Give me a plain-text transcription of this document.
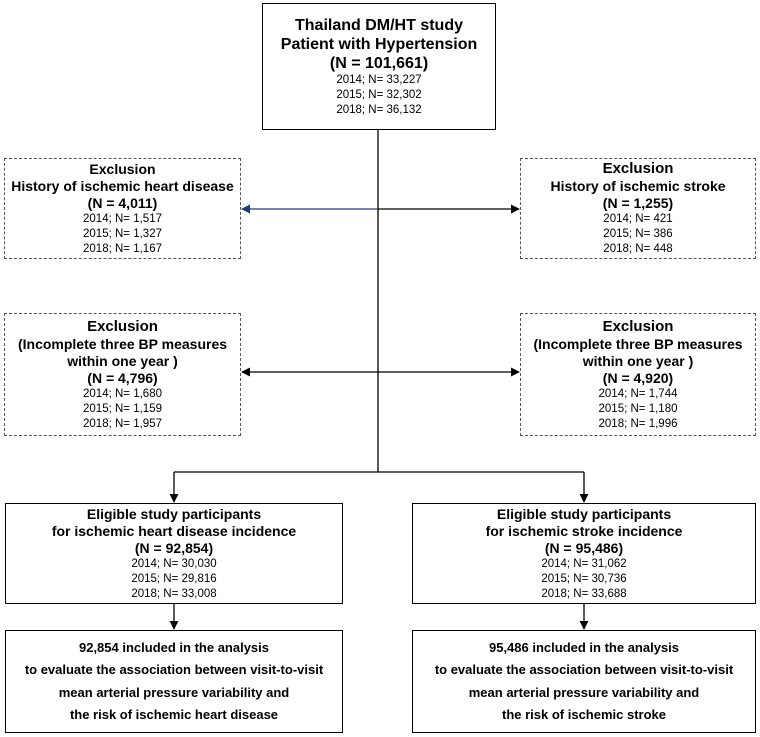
Thailand DM/HT study
Patient with Hypertension
(N = 101,661)
2014; N= 33,227
2015; N= 32,302
2018; N= 36,132
Exclusion
History of ischemic heart disease
(N = 4,011)
2014; N= 1,517
2015; N= 1,327
2018; N= 1,167
Exclusion
History of ischemic stroke
(N = 1,255)
2014; N= 421
2015; N= 386
2018; N= 448
Exclusion
(Incomplete three BP measures
within one year )
(N = 4,796)
2014; N= 1,680
2015; N= 1,159
2018; N= 1,957
Exclusion
(Incomplete three BP measures
within one year )
(N = 4,920)
2014; N= 1,744
2015; N= 1,180
2018; N= 1,996
Eligible study participants
for ischemic heart disease incidence
(N = 92,854)
2014; N= 30,030
2015; N= 29,816
2018; N= 33,008
Eligible study participants
for ischemic stroke incidence
(N = 95,486)
2014; N= 31,062
2015; N= 30,736
2018; N= 33,688
92,854 included in the analysis
to evaluate the association between visit-to-visit
mean arterial pressure variability and
the risk of ischemic heart disease
95,486 included in the analysis
to evaluate the association between visit-to-visit
mean arterial pressure variability and
the risk of ischemic stroke
